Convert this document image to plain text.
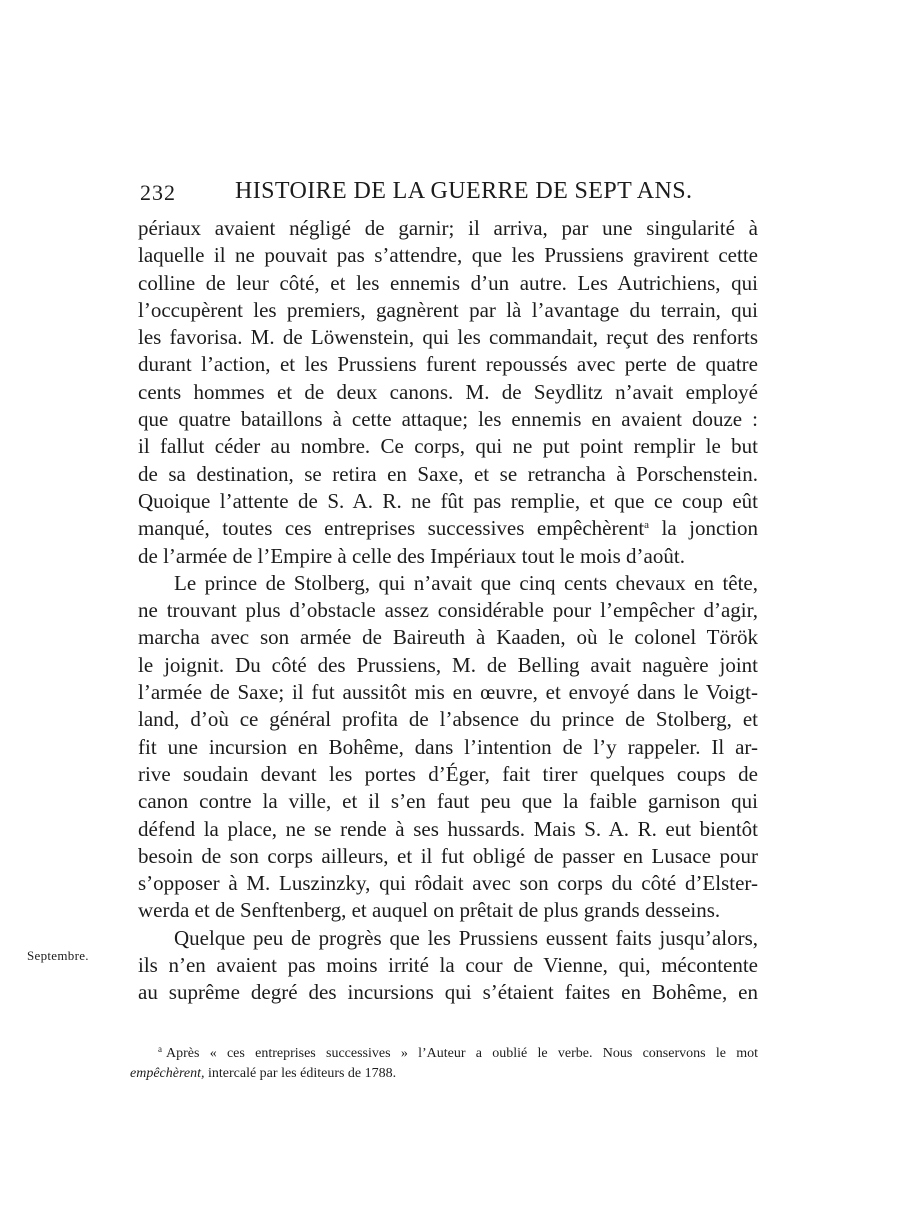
232 HISTOIRE DE LA GUERRE DE SEPT ANS.
périaux avaient négligé de garnir; il arriva, par une singularité à
laquelle il ne pouvait pas s’attendre, que les Prussiens gravirent cette
colline de leur côté, et les ennemis d’un autre. Les Autrichiens, qui
l’occupèrent les premiers, gagnèrent par là l’avantage du terrain, qui
les favorisa. M. de Löwenstein, qui les commandait, reçut des renforts
durant l’action, et les Prussiens furent repoussés avec perte de quatre
cents hommes et de deux canons. M. de Seydlitz n’avait employé
que quatre bataillons à cette attaque; les ennemis en avaient douze :
il fallut céder au nombre. Ce corps, qui ne put point remplir le but
de sa destination, se retira en Saxe, et se retrancha à Porschenstein.
Quoique l’attente de S. A. R. ne fût pas remplie, et que ce coup eût
manqué, toutes ces entreprises successives empêchèrent$^a$ la jonction
de l’armée de l’Empire à celle des Impériaux tout le mois d’août.
Le prince de Stolberg, qui n’avait que cinq cents chevaux en tête,
ne trouvant plus d’obstacle assez considérable pour l’empêcher d’agir,
marcha avec son armée de Baireuth à Kaaden, où le colonel Török
le joignit. Du côté des Prussiens, M. de Belling avait naguère joint
l’armée de Saxe; il fut aussitôt mis en œuvre, et envoyé dans le Voigt-
land, d’où ce général profita de l’absence du prince de Stolberg, et
fit une incursion en Bohême, dans l’intention de l’y rappeler. Il ar-
rive soudain devant les portes d’Éger, fait tirer quelques coups de
canon contre la ville, et il s’en faut peu que la faible garnison qui
défend la place, ne se rende à ses hussards. Mais S. A. R. eut bientôt
besoin de son corps ailleurs, et il fut obligé de passer en Lusace pour
s’opposer à M. Luszinzky, qui rôdait avec son corps du côté d’Elster-
werda et de Senftenberg, et auquel on prêtait de plus grands desseins.
Quelque peu de progrès que les Prussiens eussent faits jusqu’alors,
ils n’en avaient pas moins irrité la cour de Vienne, qui, mécontente
au suprême degré des incursions qui s’étaient faites en Bohême, en
Septembre.
$^a$ Après « ces entreprises successives » l’Auteur a oublié le verbe. Nous conservons le mot
empêchèrent, intercalé par les éditeurs de 1788.
